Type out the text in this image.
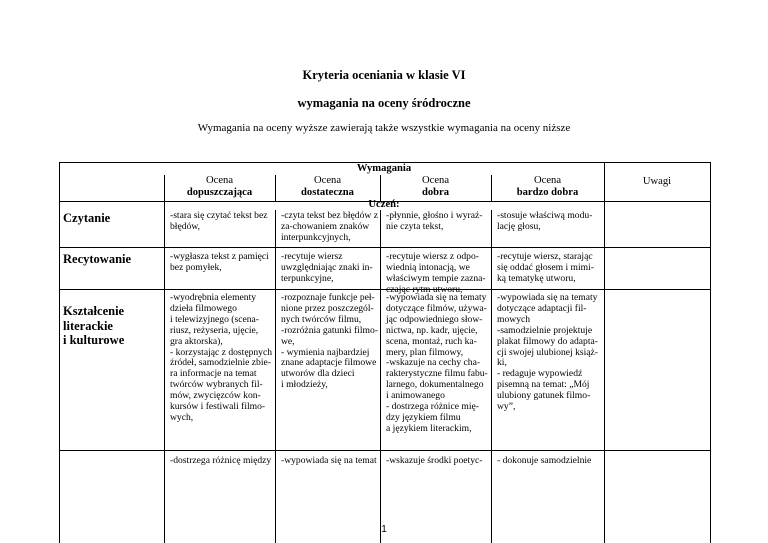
Kryteria oceniania w klasie VI
wymagania na oceny śródroczne
Wymagania na oceny wyższe zawierają także wszystkie wymagania na oceny niższe
Wymagania
Ocena
dopuszczająca
Ocena
dostateczna
Ocena
dobra
Ocena
bardzo dobra
Uwagi
Uczeń:
Czytanie	-stara się czytać tekst bez
błędów,
-czyta tekst bez błędów z
za-chowaniem znaków
interpunkcyjnych,
-płynnie, głośno i wyraź-
nie czyta tekst,
-stosuje właściwą modu-
lację głosu,
Recytowanie	-wygłasza tekst z pamięci
bez pomyłek,
-recytuje wiersz
uwzględniając znaki in-
terpunkcyjne,
-recytuje wiersz z odpo-
wiednią intonacją, we
właściwym tempie zazna-
czając rytm utworu,
-recytuje wiersz, starając
się oddać głosem i mimi-
ką tematykę utworu,
Kształcenie
literackie
i kulturowe
-wyodrębnia elementy
dzieła filmowego
i telewizyjnego (scena-
riusz, reżyseria, ujęcie,
gra aktorska),
- korzystając z dostępnych
źródeł, samodzielnie zbie-
ra informacje na temat
twórców wybranych fil-
mów, zwycięzców kon-
kursów i festiwali filmo-
wych,
-rozpoznaje funkcje peł-
nione przez poszczegól-
nych twórców filmu,
-rozróżnia gatunki filmo-
we,
- wymienia najbardziej
znane adaptacje filmowe
utworów dla dzieci
i młodzieży,
-wypowiada się na tematy
dotyczące filmów, używa-
jąc odpowiedniego słow-
nictwa, np. kadr, ujęcie,
scena, montaż, ruch ka-
mery, plan filmowy,
-wskazuje na cechy cha-
rakterystyczne filmu fabu-
larnego, dokumentalnego
i animowanego
- dostrzega różnice mię-
dzy językiem filmu
a językiem literackim,
-wypowiada się na tematy
dotyczące adaptacji fil-
mowych
-samodzielnie projektuje
plakat filmowy do adapta-
cji swojej ulubionej książ-
ki,
- redaguje wypowiedź
pisemną na temat: „Mój
ulubiony gatunek filmo-
wy”,
-dostrzega różnicę między -wypowiada się na temat -wskazuje środki poetyc- - dokonuje samodzielnie
1
